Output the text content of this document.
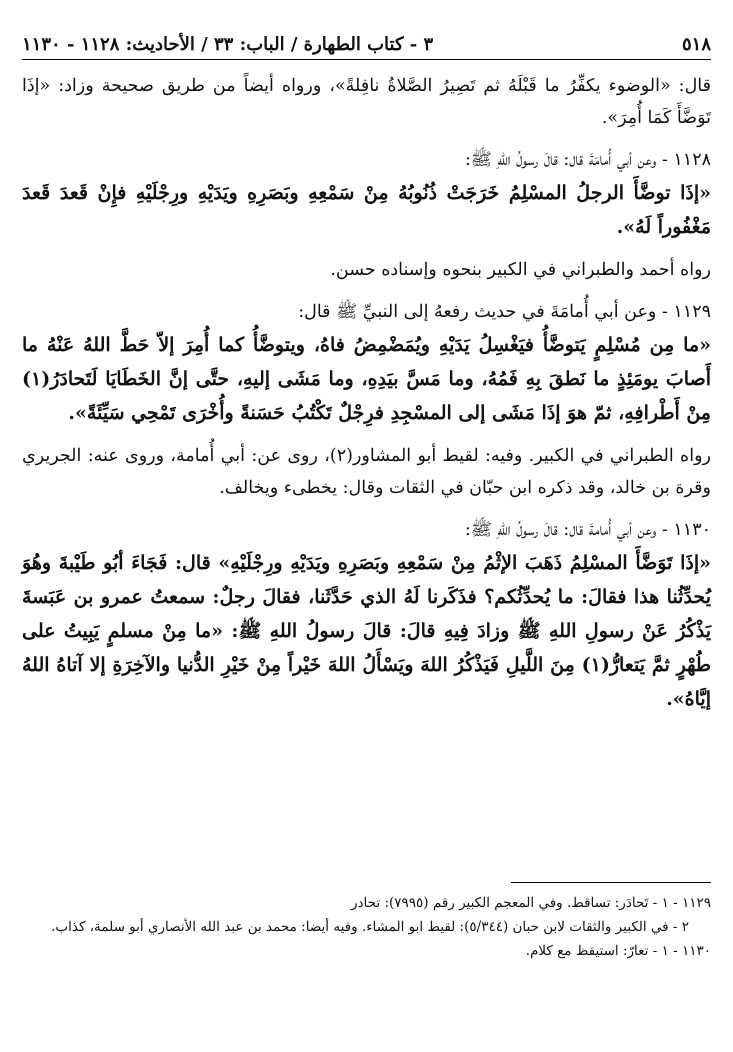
٥١٨
٣ - كتاب الطهارة / الباب: ٣٣ / الأحاديث: ١١٢٨ - ١١٣٠

قال: «الوضوء يكفِّرُ ما قَبْلَهُ ثم تَصِيرُ الصَّلاةُ نافِلةً»، ورواه أيضاً من طريق صحيحة وزاد: «إذَا تَوَضَّأَ كَمَا أُمِرَ».

١١٢٨ - وعن أبي أُمامَةَ قال: قالَ رسولُ اللهِ ﷺ:

«إذَا توضَّأَ الرجلُ المسْلِمُ خَرَجَتْ ذُنُوبُهُ مِنْ سَمْعِهِ وبَصَرِهِ ويَدَيْهِ ورِجْلَيْهِ فإِنْ قَعدَ قَعدَ مَغْفُوراً لَهُ».

رواه أحمد والطبراني في الكبير بنحوه وإسناده حسن.

١١٢٩ - وعن أبي أُمامَةَ في حديث رفعهُ إلى النبيِّ ﷺ قال:

«ما مِن مُسْلِمٍ يَتوضَّأُ فيَغْسِلُ يَدَيْهِ ويُمَضْمِضُ فاهُ، ويتوضَّأُ كما أُمِرَ إلاّ حَطَّ اللهُ عَنْهُ ما أَصابَ يومَئِذٍ ما نَطقَ بِهِ فَمُهُ، وما مَسَّ بيَدِهِ، وما مَشَى إليهِ، حتَّى إنَّ الخَطَايَا لَتَحادَرُ(١) مِنْ أَطْرافِهِ، ثمّ هوَ إذَا مَشَى إلى المسْجِدِ فرِجْلٌ تَكْتُبُ حَسَنةً وأُخْرَى تَمْحِي سَيِّئَةً».

رواه الطبراني في الكبير. وفيه: لقيط أبو المشاور(٢)، روى عن: أبي أُمامة، وروى عنه: الجريري وقرة بن خالد، وقد ذكره ابن حبّان في الثقات وقال: يخطىء ويخالف.

١١٣٠ - وعن أبي أُمامةَ قال: قالَ رسولُ اللهِ ﷺ:

«إذَا تَوَضَّأَ المسْلِمُ ذَهَبَ الإثْمُ مِنْ سَمْعِهِ وبَصَرِهِ ويَدَيْهِ ورِجْلَيْهِ» قال: فَجَاءَ أبُو طَيْبةَ وهُوَ يُحدِّثُنا هذا فقالَ: ما يُحدِّثُكم؟ فذَكَرنا لَهُ الذي حَدَّثَنا، فقالَ رجلٌ: سمعتُ عمرو بن عَبَسةَ يَذْكُرُ عَنْ رسولِ اللهِ ﷺ وزادَ فِيهِ قالَ: قالَ رسولُ اللهِ ﷺ: «ما مِنْ مسلمٍ يَبِيتُ على طُهْرٍ ثمَّ يَتعارُّ(١) مِنَ اللَّيلِ فَيَذْكُرُ اللهَ ويَسْأَلُ اللهَ خَيْراً مِنْ خَيْرِ الدُّنيا والآخِرَةِ إلا آتاهُ اللهُ إيَّاهُ».

١١٢٩ - ١ - تَحادَر: تساقط. وفي المعجم الكبير رقم (٧٩٩٥): تحادر

٢ - في الكبير والثقات لابن حبان (٥/٣٤٤): لقيط ابو المشاء. وفيه أيضا: محمد بن عبد الله الأنصاري أبو سلمة، كذاب.

١١٣٠ - ١ - تعارّ: استيقظ مع كلام.
